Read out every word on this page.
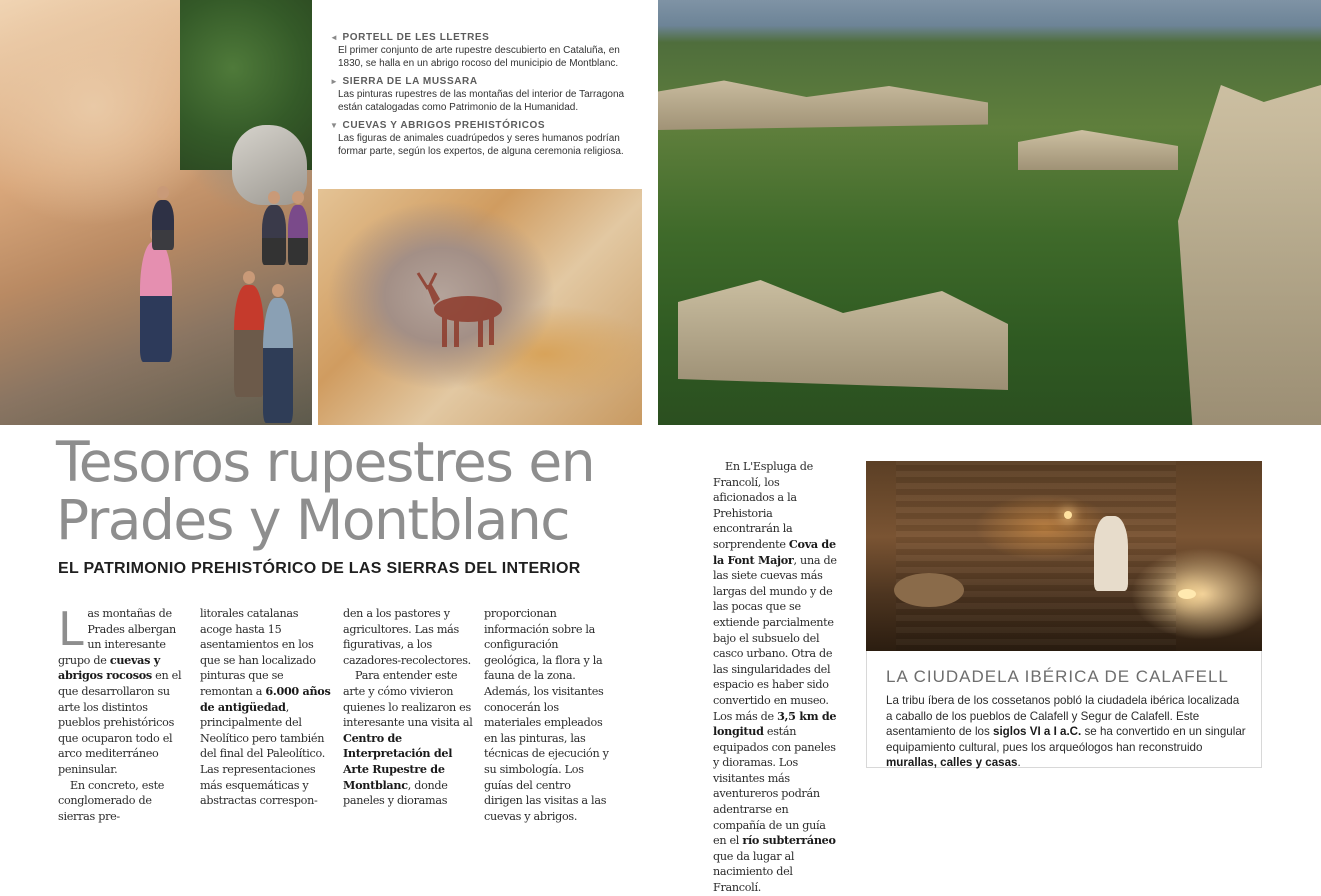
◄ PORTELL DE LES LLETRES

El primer conjunto de arte rupestre descubierto en Cataluña, en 1830, se halla en un abrigo rocoso del municipio de Montblanc.

► SIERRA DE LA MUSSARA

Las pinturas rupestres de las montañas del interior de Tarragona están catalogadas como Patrimonio de la Humanidad.

▼ CUEVAS Y ABRIGOS PREHISTÓRICOS

Las figuras de animales cuadrúpedos y seres humanos podrían formar parte, según los expertos, de alguna ceremonia religiosa.

Tesoros rupestres en Prades y Montblanc
EL PATRIMONIO PREHISTÓRICO DE LAS SIERRAS DEL INTERIOR

Las montañas de Prades albergan un interesante grupo de cuevas y abrigos rocosos en el que desarrollaron su arte los distintos pueblos prehistóricos que ocuparon todo el arco mediterráneo peninsular.

En concreto, este conglomerado de sierras pre-

litorales catalanas acoge hasta 15 asentamientos en los que se han localizado pinturas que se remontan a 6.000 años de antigüedad, principalmente del Neolítico pero también del final del Paleolítico. Las representaciones más esquemáticas y abstractas correspon-

den a los pastores y agricultores. Las más figurativas, a los cazadores-recolectores.

Para entender este arte y cómo vivieron quienes lo realizaron es interesante una visita al Centro de Interpretación del Arte Rupestre de Montblanc, donde paneles y dioramas

proporcionan información sobre la configuración geológica, la flora y la fauna de la zona. Además, los visitantes conocerán los materiales empleados en las pinturas, las técnicas de ejecución y su simbología. Los guías del centro dirigen las visitas a las cuevas y abrigos.

En L'Espluga de Francolí, los aficionados a la Prehistoria encontrarán la sorprendente Cova de la Font Major, una de las siete cuevas más largas del mundo y de las pocas que se extiende parcialmente bajo el subsuelo del casco urbano. Otra de las singularidades del espacio es haber sido convertido en museo. Los más de 3,5 km de longitud están equipados con paneles y dioramas. Los visitantes más aventureros podrán adentrarse en compañía de un guía en el río subterráneo que da lugar al nacimiento del Francolí.

LA CIUDADELA IBÉRICA DE CALAFELL

La tribu íbera de los cossetanos pobló la ciudadela ibérica localizada a caballo de los pueblos de Calafell y Segur de Calafell. Este asentamiento de los siglos VI a I a.C. se ha convertido en un singular equipamiento cultural, pues los arqueólogos han reconstruido murallas, calles y casas.
